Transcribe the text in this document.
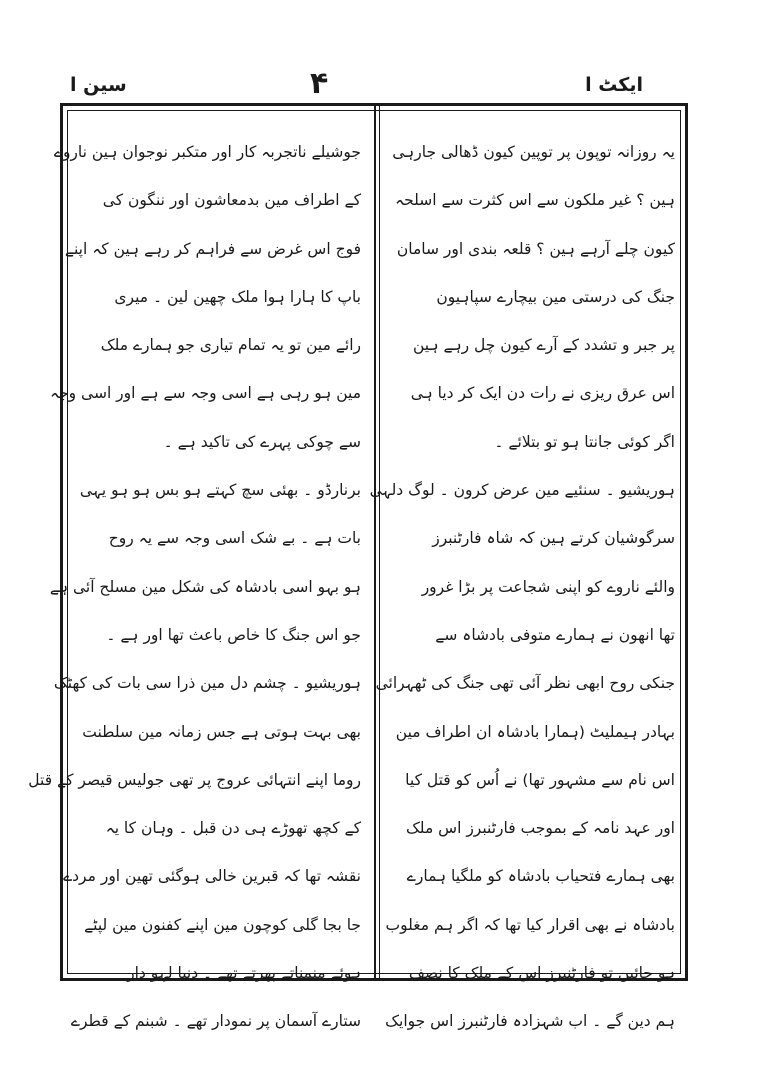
ایکٹ ا
۴
سین ا
یہ روزانہ توپون پر توپین کیون ڈھالی جارہی
ہین ؟ غیر ملکون سے اس کثرت سے اسلحہ
کیون چلے آرہے ہین ؟ قلعہ بندی اور سامان
جنگ کی درستی مین بیچارے سپاہیون
پر جبر و تشدد کے آرے کیون چل رہے ہین
اس عرق ریزی نے رات دن ایک کر دیا ہی
اگر کوئی جانتا ہو تو بتلائے ۔
ہوریشیو ۔ سنئیے مین عرض کرون ۔ لوگ دلہی
سرگوشیان کرتے ہین کہ شاہ فارٹنبرز
والئے ناروے کو اپنی شجاعت پر بڑا غرور
تھا انھون نے ہمارے متوفی بادشاہ سے
جنکی روح ابھی نظر آئی تھی جنگ کی ٹھہرائی
بہادر ہیملیٹ (ہمارا بادشاہ ان اطراف مین
اس نام سے مشہور تھا) نے اُس کو قتل کیا
اور عہد نامہ کے بموجب فارٹنبرز اس ملک
بھی ہمارے فتحیاب بادشاہ کو ملگیا ہمارے
بادشاہ نے بھی اقرار کیا تھا کہ اگر ہم مغلوب
ہو جائین تو فارٹنبرز اس کے ملک کا نصف
ہم دین گے ۔ اب شہزادہ فارٹنبرز اس جوایک
جوشیلے ناتجربہ کار اور متکبر نوجوان ہین ناروے
کے اطراف مین بدمعاشون اور ننگون کی
فوج اس غرض سے فراہم کر رہے ہین کہ اپنے
باپ کا ہارا ہوا ملک چھین لین ۔ میری
رائے مین تو یہ تمام تیاری جو ہمارے ملک
مین ہو رہی ہے اسی وجہ سے ہے اور اسی وجہ
سے چوکی پہرے کی تاکید ہے ۔
برنارڈو ۔ بھئی سچ کہتے ہو بس ہو ہو یہی
بات ہے ۔ بے شک اسی وجہ سے یہ روح
ہو بہو اسی بادشاہ کی شکل مین مسلح آئی ہے
جو اس جنگ کا خاص باعث تھا اور ہے ۔
ہوریشیو ۔ چشم دل مین ذرا سی بات کی کھٹک
بھی بہت ہوتی ہے جس زمانہ مین سلطنت
روما اپنے انتہائی عروج پر تھی جولیس قیصر کے قتل
کے کچھ تھوڑے ہی دن قبل ۔ وہان کا یہ
نقشہ تھا کہ قبرین خالی ہوگئی تھین اور مردے
جا بجا گلی کوچون مین اپنے کفنون مین لپٹے
ہوئے منمناتے پھرتے تھے ۔ دنیا لہو دار
ستارے آسمان پر نمودار تھے ۔ شبنم کے قطرے
